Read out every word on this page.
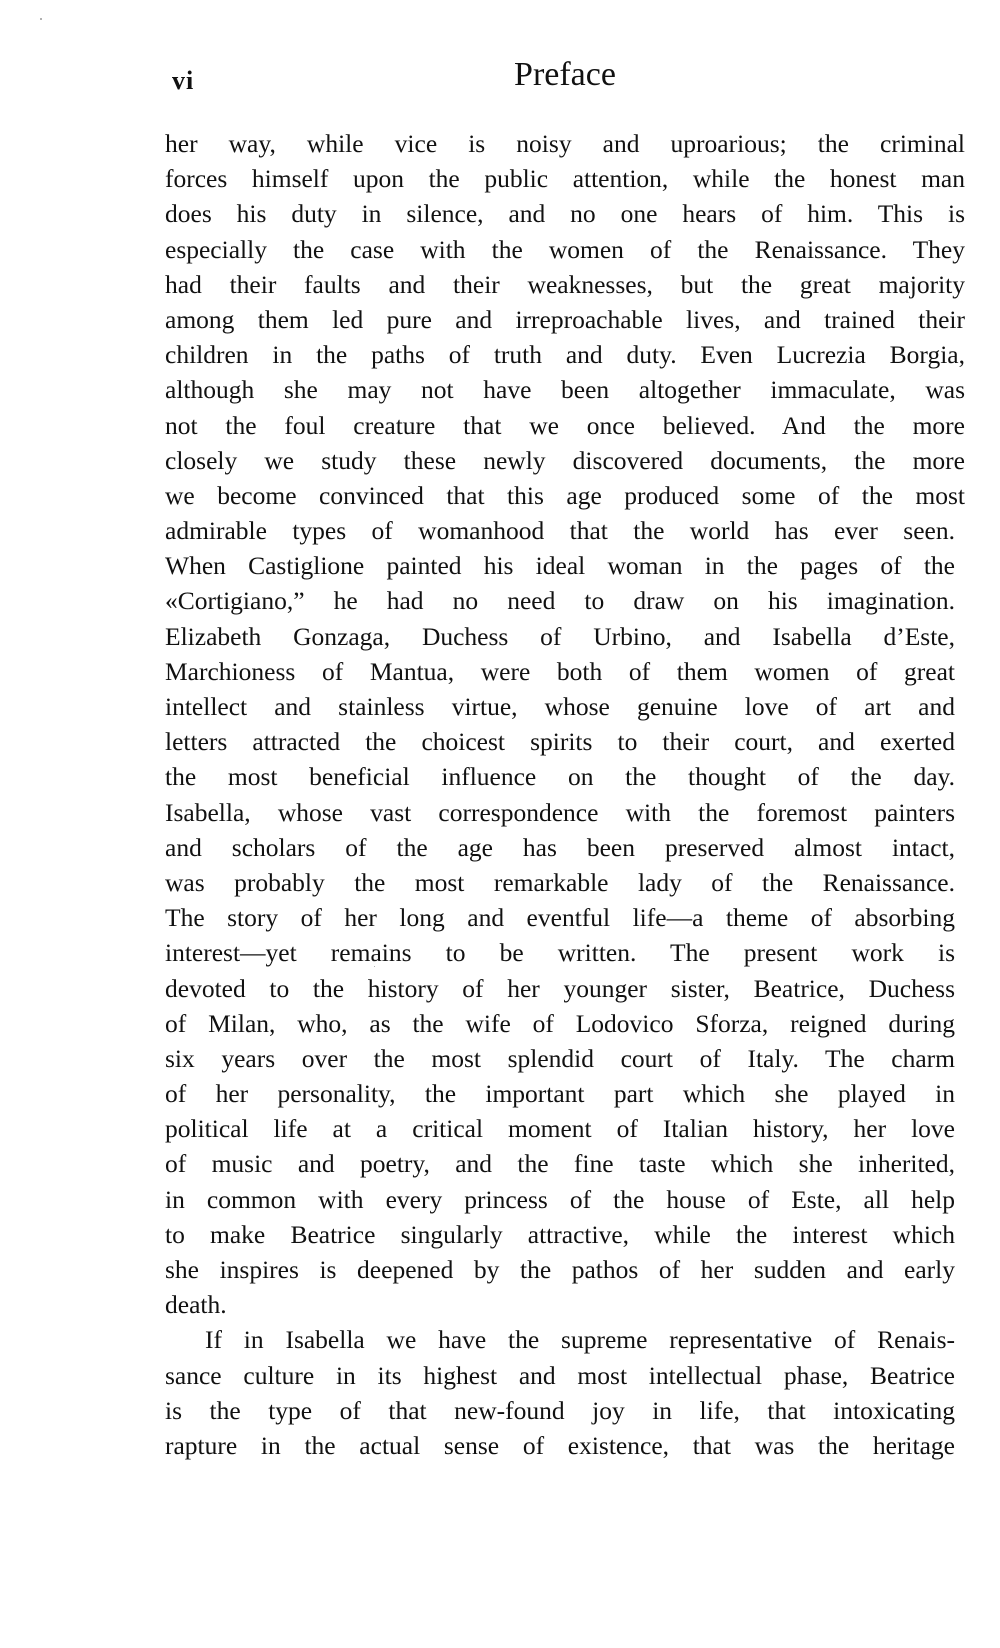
vi	Preface
her way, while vice is noisy and uproarious; the criminal
forces himself upon the public attention, while the honest man
does his duty in silence, and no one hears of him. This is
especially the case with the women of the Renaissance. They
had their faults and their weaknesses, but the great majority
among them led pure and irreproachable lives, and trained their
children in the paths of truth and duty. Even Lucrezia Borgia,
although she may not have been altogether immaculate, was
not the foul creature that we once believed. And the more
closely we study these newly discovered documents, the more
we become convinced that this age produced some of the most
admirable types of womanhood that the world has ever seen.
When Castiglione painted his ideal woman in the pages of the
«Cortigiano,” he had no need to draw on his imagination.
Elizabeth Gonzaga, Duchess of Urbino, and Isabella d’Este,
Marchioness of Mantua, were both of them women of great
intellect and stainless virtue, whose genuine love of art and
letters attracted the choicest spirits to their court, and exerted
the most beneficial influence on the thought of the day.
Isabella, whose vast correspondence with the foremost painters
and scholars of the age has been preserved almost intact,
was probably the most remarkable lady of the Renaissance.
The story of her long and eventful life—a theme of absorbing
interest—yet remains to be written. The present work is
devoted to the history of her younger sister, Beatrice, Duchess
of Milan, who, as the wife of Lodovico Sforza, reigned during
six years over the most splendid court of Italy. The charm
of her personality, the important part which she played in
political life at a critical moment of Italian history, her love
of music and poetry, and the fine taste which she inherited,
in common with every princess of the house of Este, all help
to make Beatrice singularly attractive, while the interest which
she inspires is deepened by the pathos of her sudden and early
death.
If in Isabella we have the supreme representative of Renais-
sance culture in its highest and most intellectual phase, Beatrice
is the type of that new-found joy in life, that intoxicating
rapture in the actual sense of existence, that was the heritage
